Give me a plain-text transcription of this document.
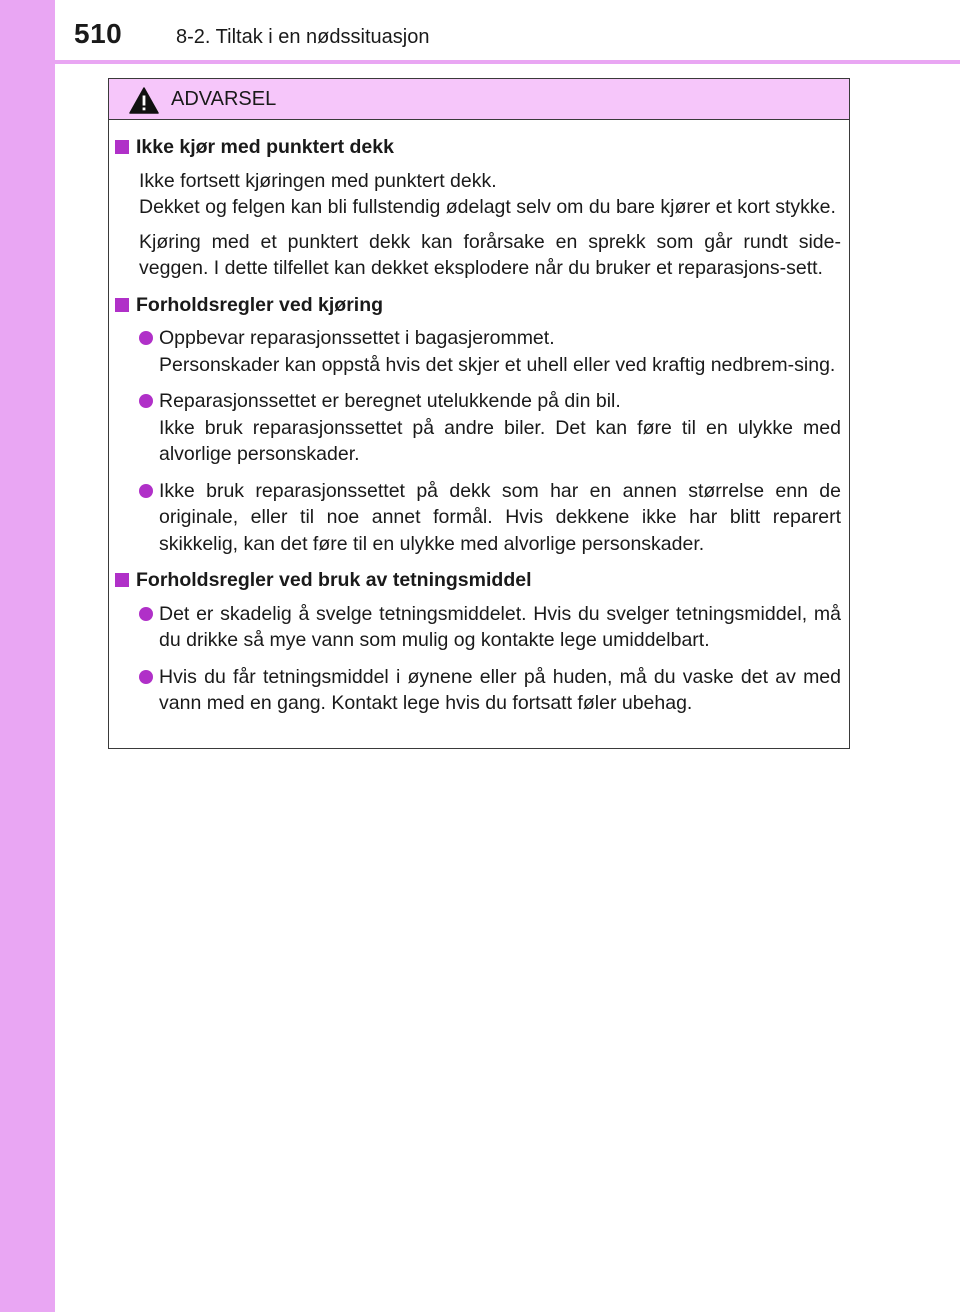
510	8-2. Tiltak i en nødssituasjon
ADVARSEL
Ikke kjør med punktert dekk
Ikke fortsett kjøringen med punktert dekk.
Dekket og felgen kan bli fullstendig ødelagt selv om du bare kjører et kort stykke.
Kjøring med et punktert dekk kan forårsake en sprekk som går rundt side-veggen. I dette tilfellet kan dekket eksplodere når du bruker et reparasjons-sett.
Forholdsregler ved kjøring
Oppbevar reparasjonssettet i bagasjerommet.
Personskader kan oppstå hvis det skjer et uhell eller ved kraftig nedbrem-sing.
Reparasjonssettet er beregnet utelukkende på din bil.
Ikke bruk reparasjonssettet på andre biler. Det kan føre til en ulykke med alvorlige personskader.
Ikke bruk reparasjonssettet på dekk som har en annen størrelse enn de originale, eller til noe annet formål. Hvis dekkene ikke har blitt reparert skikkelig, kan det føre til en ulykke med alvorlige personskader.
Forholdsregler ved bruk av tetningsmiddel
Det er skadelig å svelge tetningsmiddelet. Hvis du svelger tetningsmiddel, må du drikke så mye vann som mulig og kontakte lege umiddelbart.
Hvis du får tetningsmiddel i øynene eller på huden, må du vaske det av med vann med en gang. Kontakt lege hvis du fortsatt føler ubehag.
